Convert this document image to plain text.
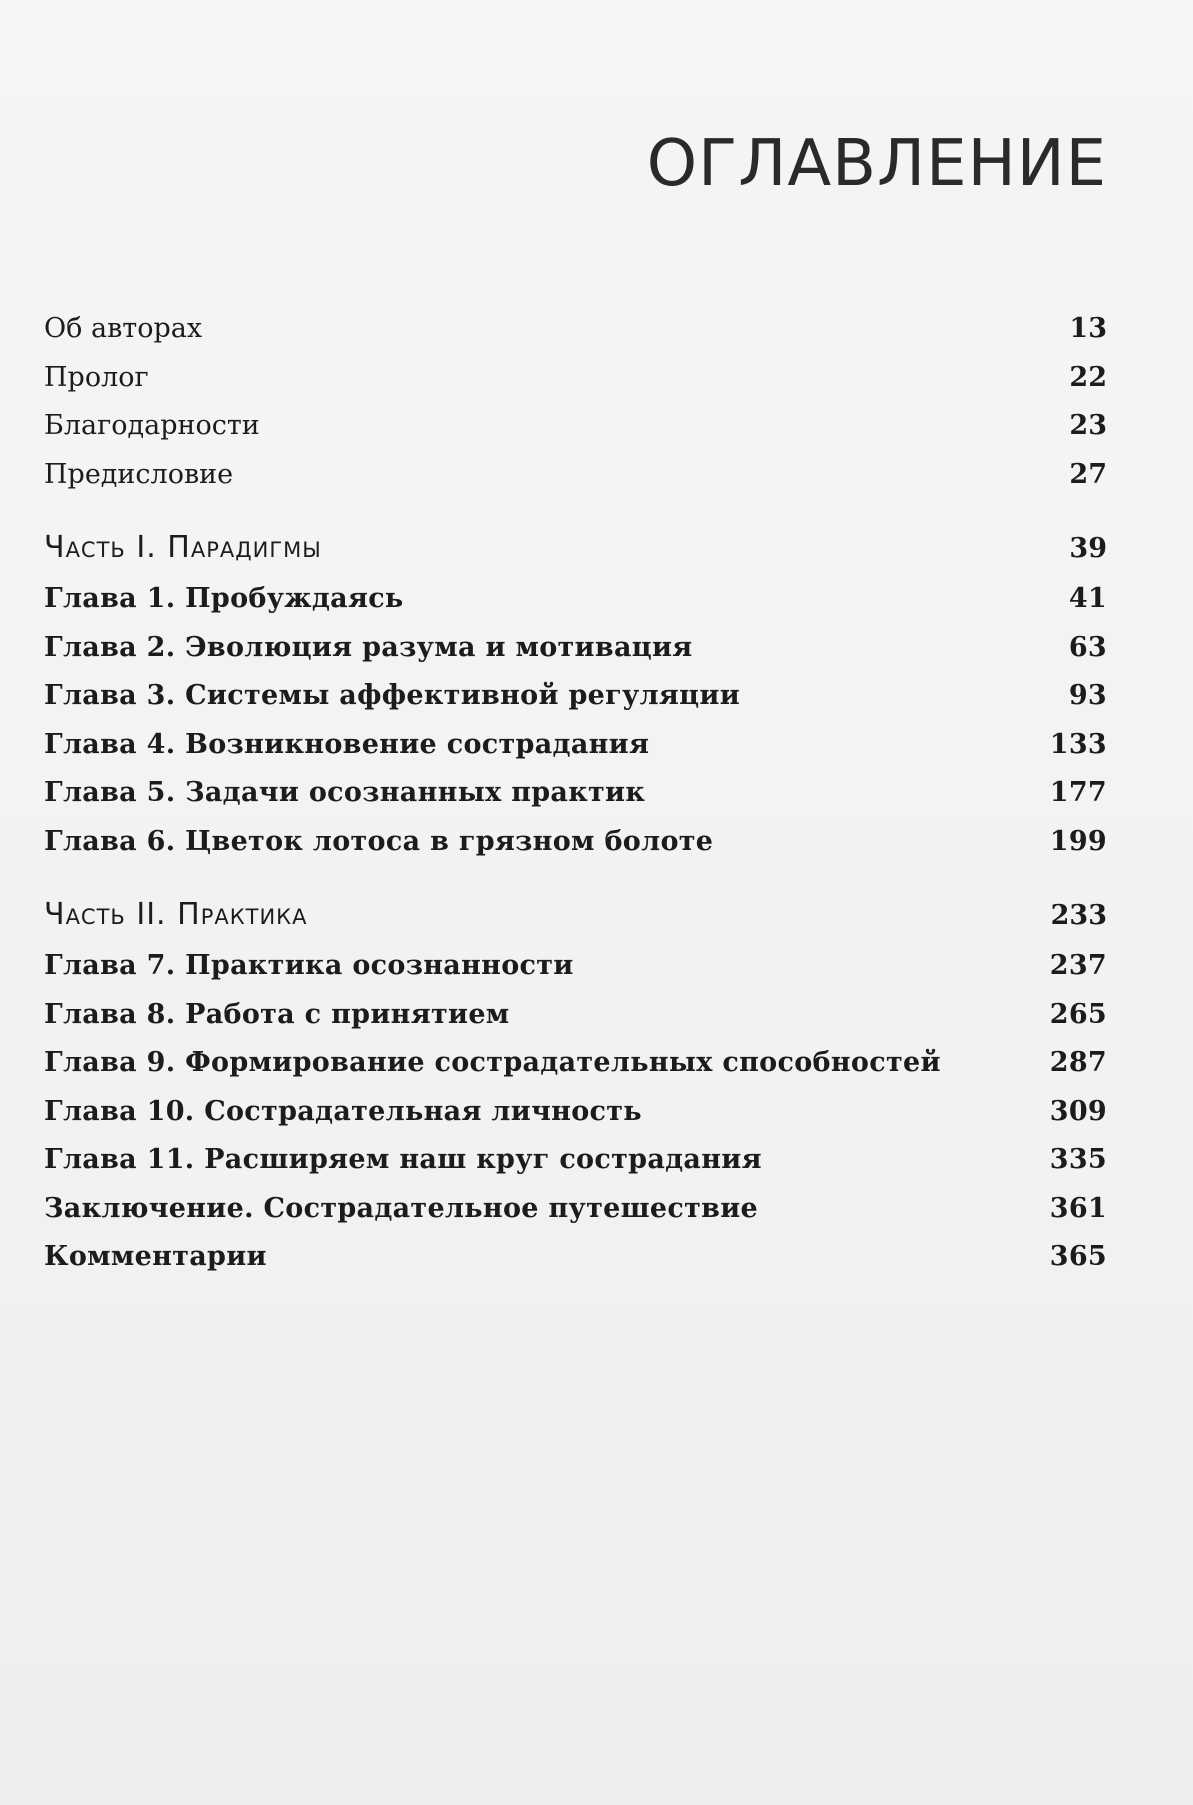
ОГЛАВЛЕНИЕ
Об авторах	13
Пролог	22
Благодарности	23
Предисловие	27
Часть I. Парадигмы	39
Глава 1. Пробуждаясь	41
Глава 2. Эволюция разума и мотивация	63
Глава 3. Системы аффективной регуляции	93
Глава 4. Возникновение сострадания	133
Глава 5. Задачи осознанных практик	177
Глава 6. Цветок лотоса в грязном болоте	199
Часть II. Практика	233
Глава 7. Практика осознанности	237
Глава 8. Работа с принятием	265
Глава 9. Формирование сострадательных способностей	287
Глава 10. Сострадательная личность	309
Глава 11. Расширяем наш круг сострадания	335
Заключение. Сострадательное путешествие	361
Комментарии	365
